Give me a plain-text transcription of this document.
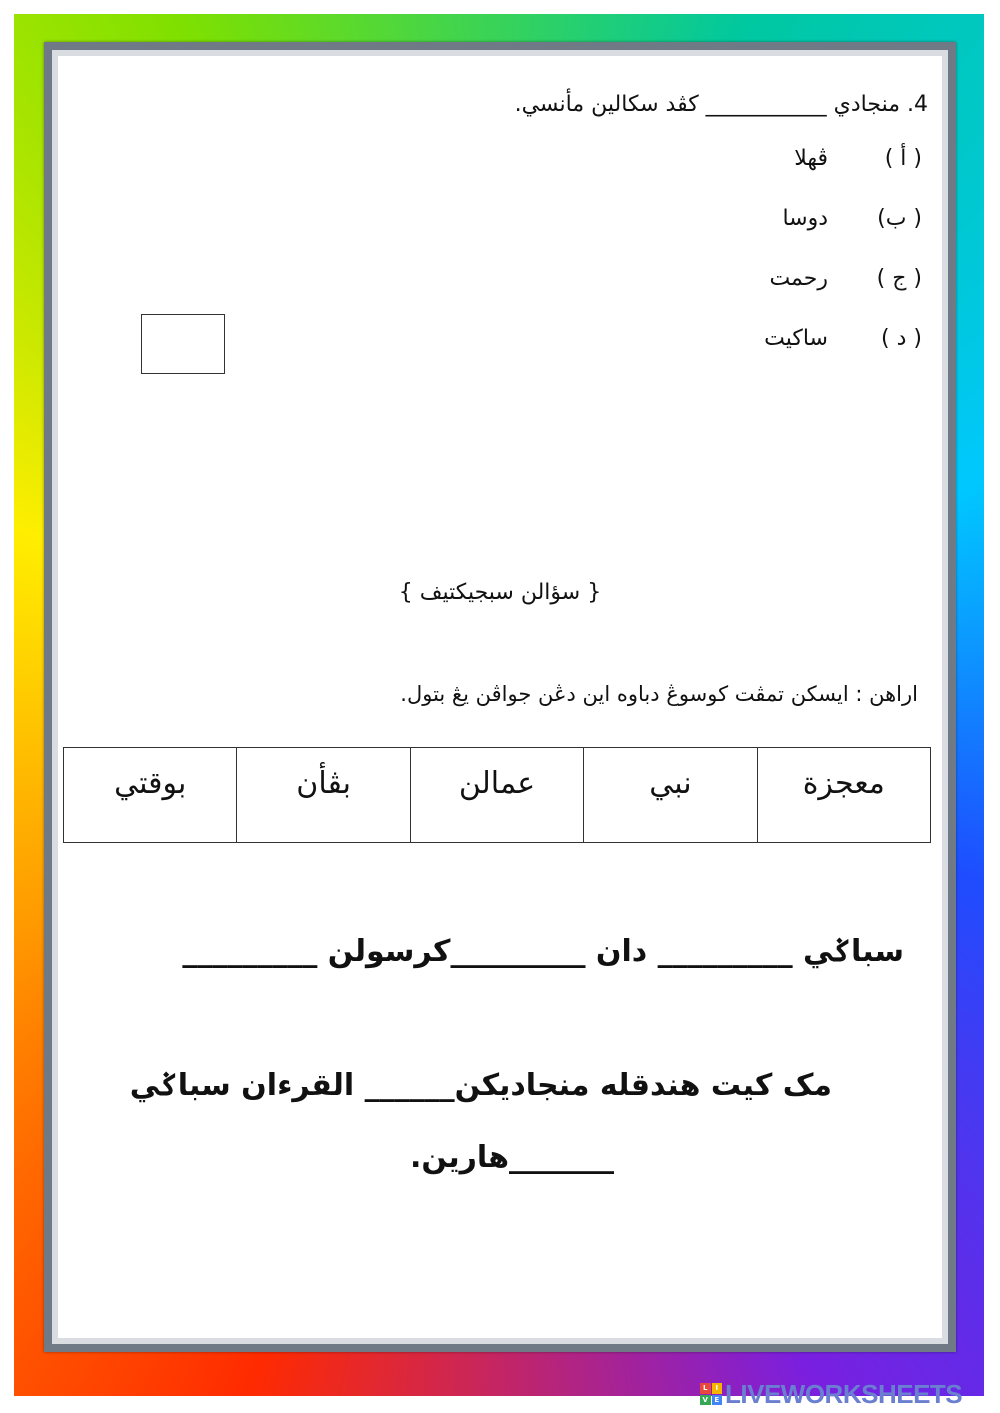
4. منجادي ___________ كڤد سكالين مأنسي.
( أ )
ڤهلا
( ب)
دوسا
( ج )
رحمت
( د )
ساكيت
{ سؤالن سبجيكتيف }
اراهن : ايسكن تمڤت كوسوڠ دباوه اين دڠن جواڤن يڠ بتول.
معجزة	نبي	عمالن	بڤأن	بوقتي
سباݢي _________ دان _________كرسولن _________
مک كيت هندقله منجاديكن______ القرءان سباݢي
_______هارين.
L	I
V E LIVEWORKSHEETS
